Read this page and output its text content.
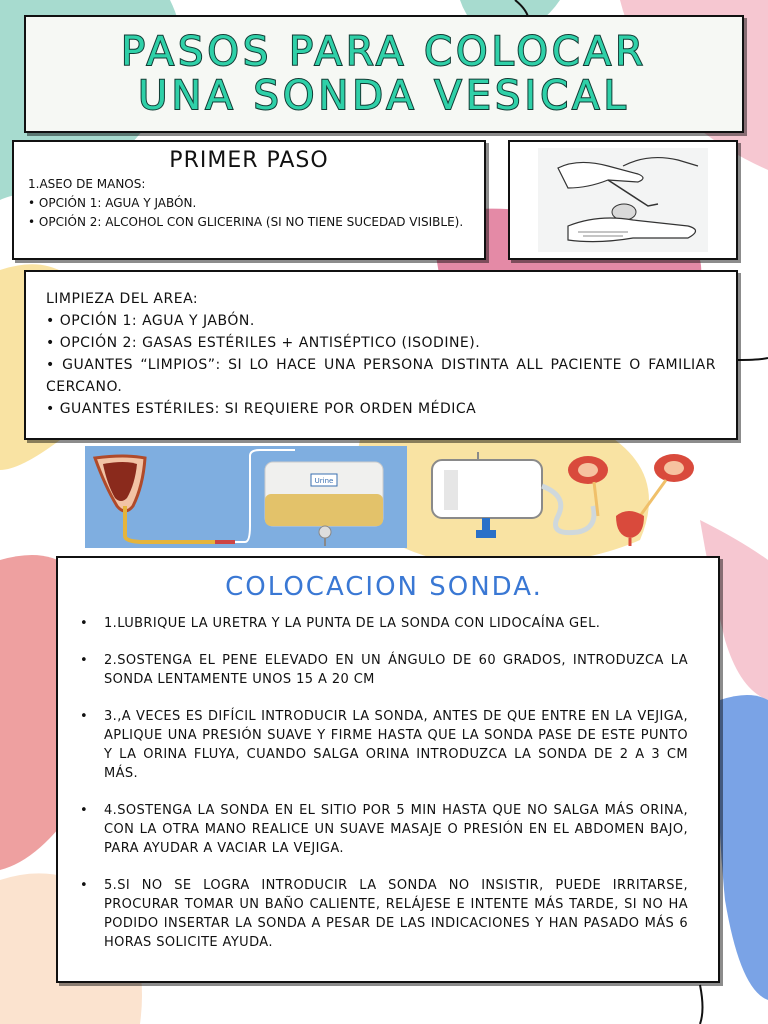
PASOS PARA COLOCAR
UNA SONDA VESICAL
PRIMER PASO
1.ASEO DE MANOS:
• OPCIÓN 1: AGUA Y JABÓN.
• OPCIÓN 2: ALCOHOL CON GLICERINA (SI NO TIENE SUCEDAD VISIBLE).
LIMPIEZA DEL AREA:
• OPCIÓN 1: AGUA Y JABÓN.
• OPCIÓN 2: GASAS ESTÉRILES + ANTISÉPTICO (ISODINE).
• GUANTES “LIMPIOS”: SI LO HACE UNA PERSONA DISTINTA ALL PACIENTE O FAMILIAR CERCANO.
• GUANTES ESTÉRILES: SI REQUIERE POR ORDEN MÉDICA
Urine
COLOCACION SONDA.
•	1.LUBRIQUE LA URETRA Y LA PUNTA DE LA SONDA CON LIDOCAÍNA GEL.
•	2.SOSTENGA EL PENE ELEVADO EN UN ÁNGULO DE 60 GRADOS, INTRODUZCA LA SONDA LENTAMENTE UNOS 15 A 20 CM
•	3.,A VECES ES DIFÍCIL INTRODUCIR LA SONDA, ANTES DE QUE ENTRE EN LA VEJIGA, APLIQUE UNA PRESIÓN SUAVE Y FIRME HASTA QUE LA SONDA PASE DE ESTE PUNTO Y LA ORINA FLUYA, CUANDO SALGA ORINA INTRODUZCA LA SONDA DE 2 A 3 CM MÁS.
•	4.SOSTENGA LA SONDA EN EL SITIO POR 5 MIN HASTA QUE NO SALGA MÁS ORINA, CON LA OTRA MANO REALICE UN SUAVE MASAJE O PRESIÓN EN EL ABDOMEN BAJO, PARA AYUDAR A VACIAR LA VEJIGA.
•	5.SI NO SE LOGRA INTRODUCIR LA SONDA NO INSISTIR, PUEDE IRRITARSE, PROCURAR TOMAR UN BAÑO CALIENTE, RELÁJESE E INTENTE MÁS TARDE, SI NO HA PODIDO INSERTAR LA SONDA A PESAR DE LAS INDICACIONES Y HAN PASADO MÁS 6 HORAS SOLICITE AYUDA.
